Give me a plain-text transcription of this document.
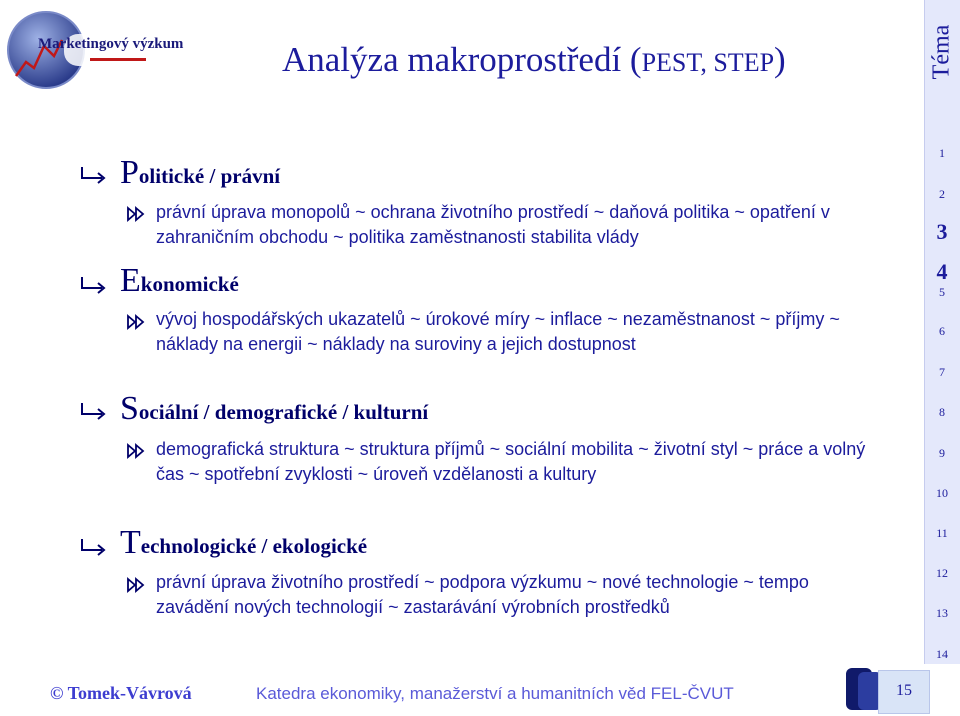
Marketingový výzkum	Analýza makroprostředí (PEST, STEP)	Téma
1
2
3
4
5
6
7
8
9
10
11
12
13
14
Politické / právní
právní úprava monopolů ~ ochrana životního prostředí ~ daňová politika ~ opatření v zahraničním obchodu ~ politika zaměstnanosti stabilita vlády
Ekonomické
vývoj hospodářských ukazatelů ~ úrokové míry ~ inflace ~ nezaměstnanost ~ příjmy ~ náklady na energii ~ náklady na suroviny a jejich dostupnost
Sociální / demografické / kulturní
demografická struktura ~ struktura příjmů ~ sociální mobilita ~ životní styl ~ práce a volný čas ~ spotřební zvyklosti ~ úroveň vzdělanosti a kultury
Technologické / ekologické
právní úprava životního prostředí ~ podpora výzkumu ~ nové technologie ~ tempo zavádění nových technologií ~ zastarávání výrobních prostředků
© Tomek-Vávrová	Katedra ekonomiky, manažerství a humanitních věd FEL-ČVUT	15
